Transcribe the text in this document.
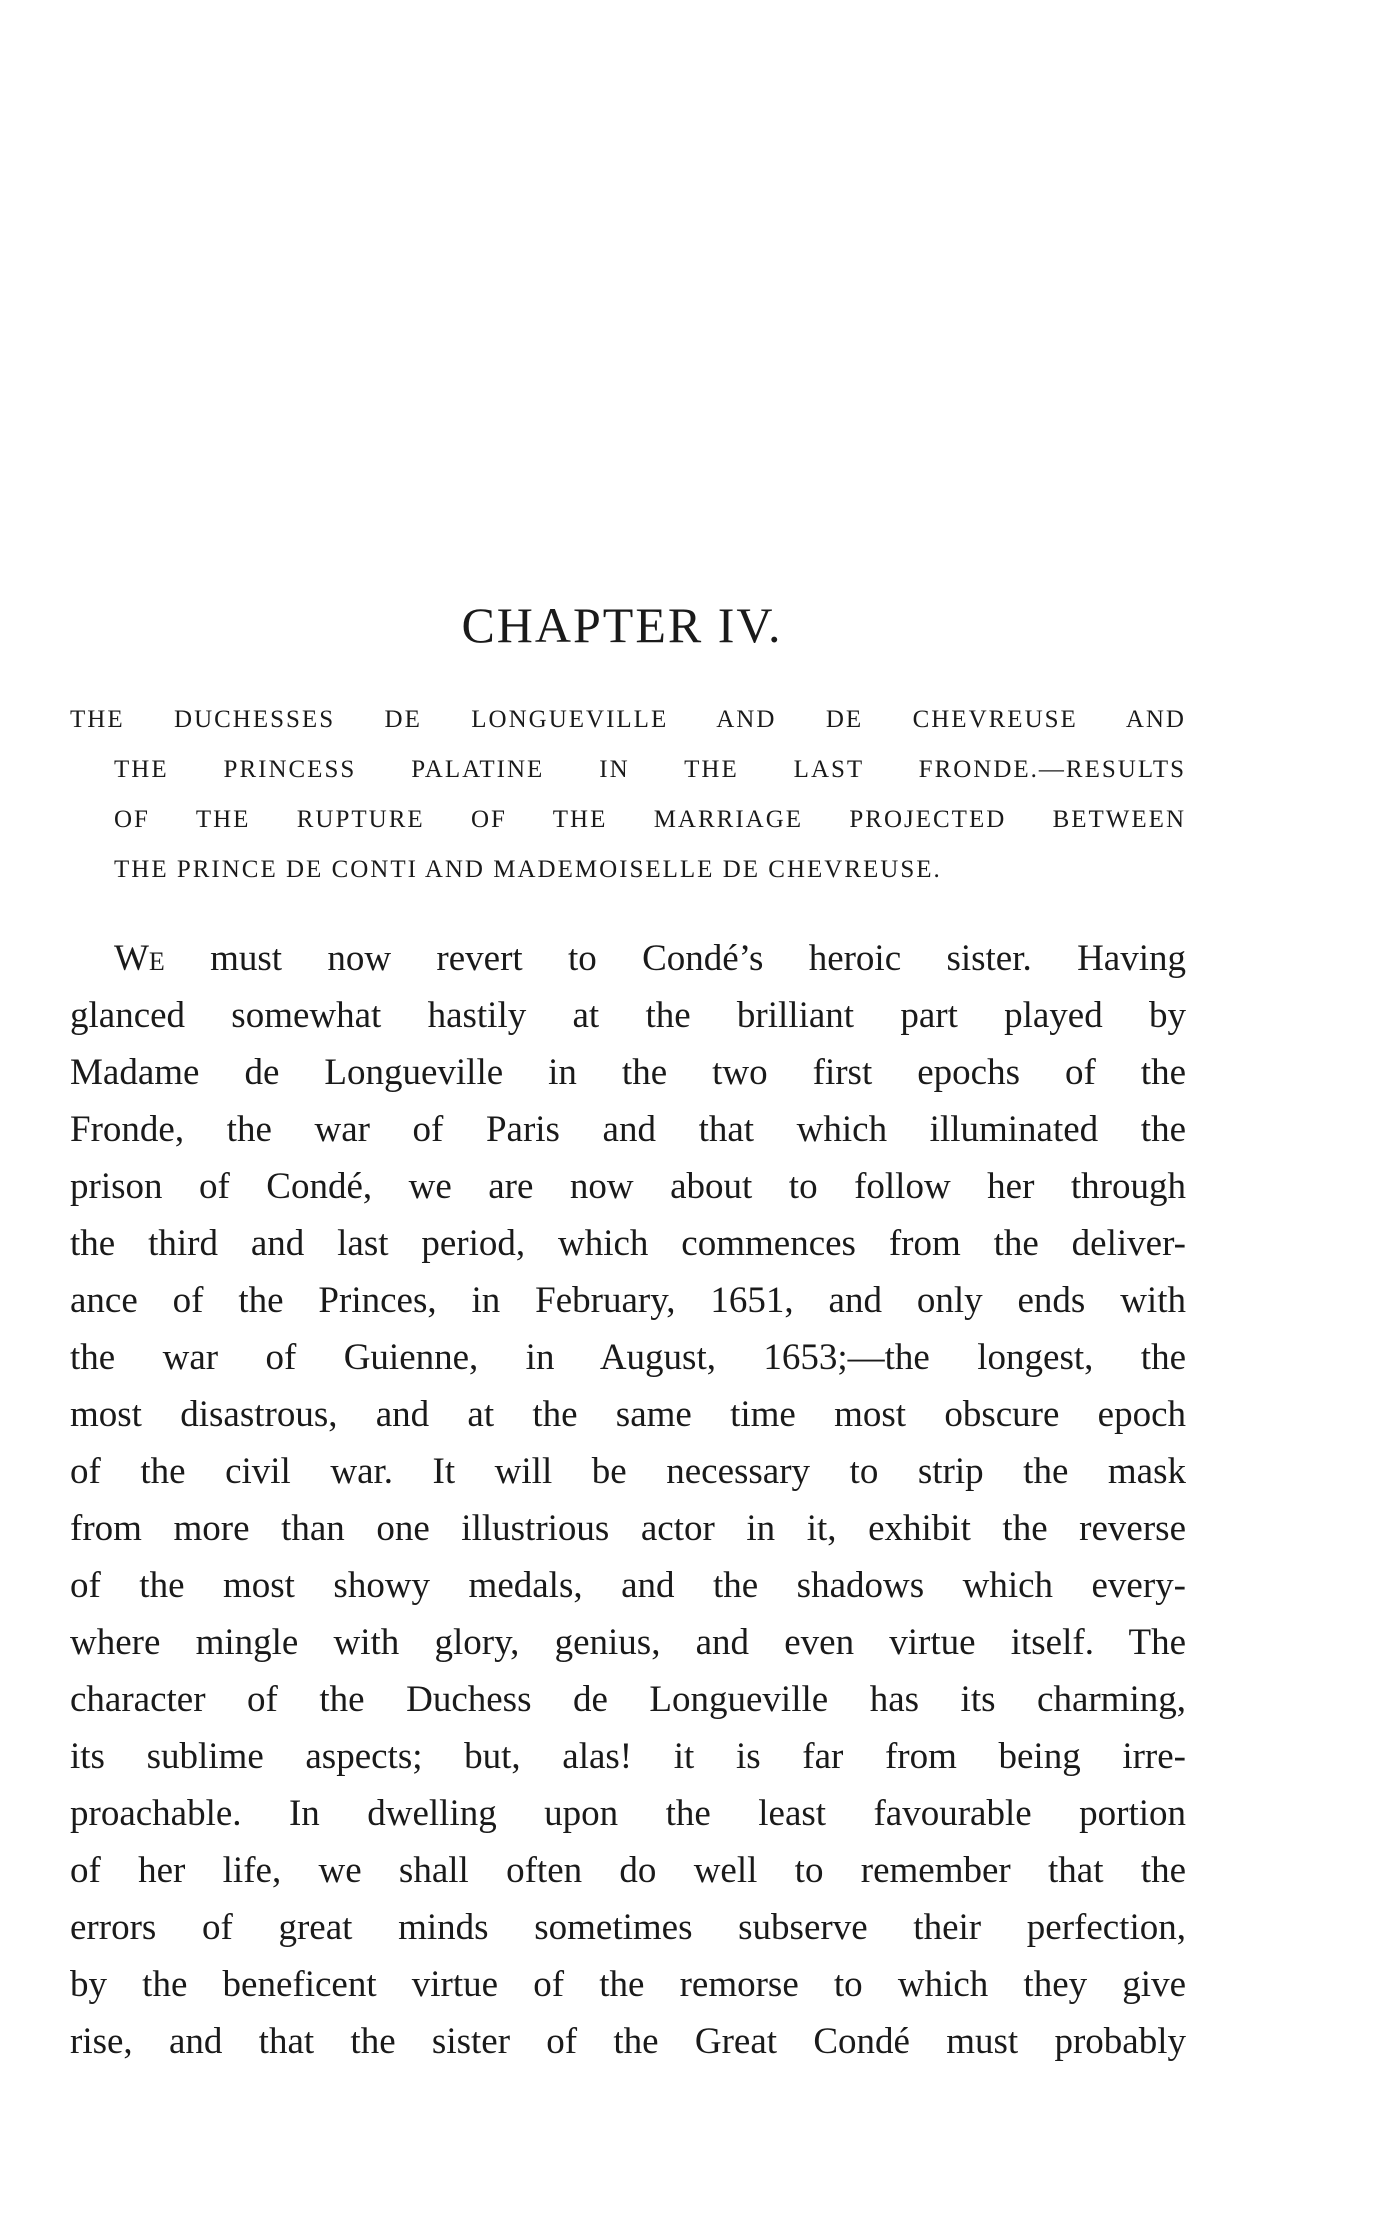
CHAPTER IV.
THE DUCHESSES DE LONGUEVILLE AND DE CHEVREUSE AND
THE PRINCESS PALATINE IN THE LAST FRONDE.—RESULTS
OF THE RUPTURE OF THE MARRIAGE PROJECTED BETWEEN
THE PRINCE DE CONTI AND MADEMOISELLE DE CHEVREUSE.
We must now revert to Condé’s heroic sister. Having
glanced somewhat hastily at the brilliant part played by
Madame de Longueville in the two first epochs of the
Fronde, the war of Paris and that which illuminated the
prison of Condé, we are now about to follow her through
the third and last period, which commences from the deliver-
ance of the Princes, in February, 1651, and only ends with
the war of Guienne, in August, 1653;—the longest, the
most disastrous, and at the same time most obscure epoch
of the civil war. It will be necessary to strip the mask
from more than one illustrious actor in it, exhibit the reverse
of the most showy medals, and the shadows which every-
where mingle with glory, genius, and even virtue itself. The
character of the Duchess de Longueville has its charming,
its sublime aspects; but, alas! it is far from being irre-
proachable. In dwelling upon the least favourable portion
of her life, we shall often do well to remember that the
errors of great minds sometimes subserve their perfection,
by the beneficent virtue of the remorse to which they give
rise, and that the sister of the Great Condé must probably
